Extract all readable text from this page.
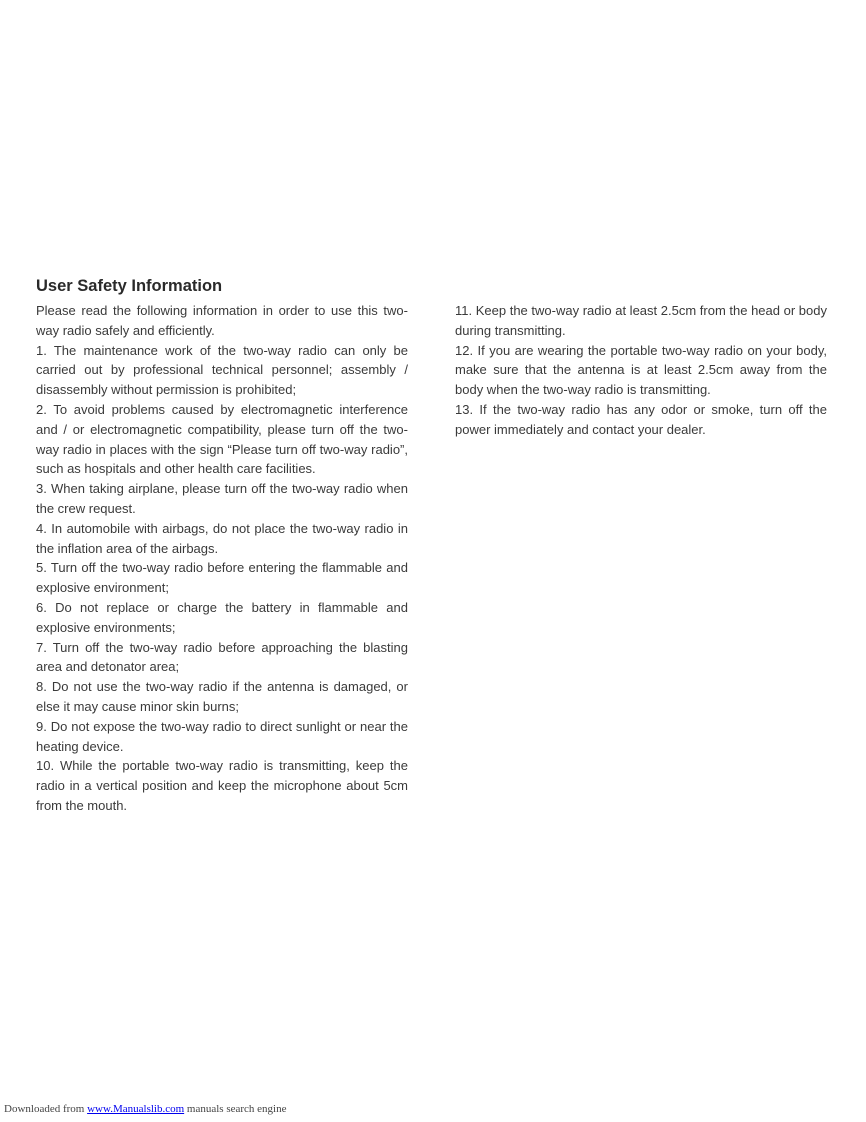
User Safety Information

Please read the following information in order to use this two-way radio safely and efficiently.

1. The maintenance work of the two-way radio can only be carried out by professional technical personnel; assembly / disassembly without permission is prohibited;

2. To avoid problems caused by electromagnetic interference and / or electromagnetic compatibility, please turn off the two-way radio in places with the sign “Please turn off two-way radio”, such as hospitals and other health care facilities.

3. When taking airplane, please turn off the two-way radio when the crew request.

4. In automobile with airbags, do not place the two-way radio in the inflation area of the airbags.

5. Turn off the two-way radio before entering the flammable and explosive environment;

6. Do not replace or charge the battery in flammable and explosive environments;

7. Turn off the two-way radio before approaching the blasting area and detonator area;

8. Do not use the two-way radio if the antenna is damaged, or else it may cause minor skin burns;

9. Do not expose the two-way radio to direct sunlight or near the heating device.

10. While the portable two-way radio is transmitting, keep the radio in a vertical position and keep the microphone about 5cm from the mouth.

11. Keep the two-way radio at least 2.5cm from the head or body during transmitting.

12. If you are wearing the portable two-way radio on your body, make sure that the antenna is at least 2.5cm away from the body when the two-way radio is transmitting.

13. If the two-way radio has any odor or smoke, turn off the power immediately and contact your dealer.

Downloaded from www.Manualslib.com manuals search engine
